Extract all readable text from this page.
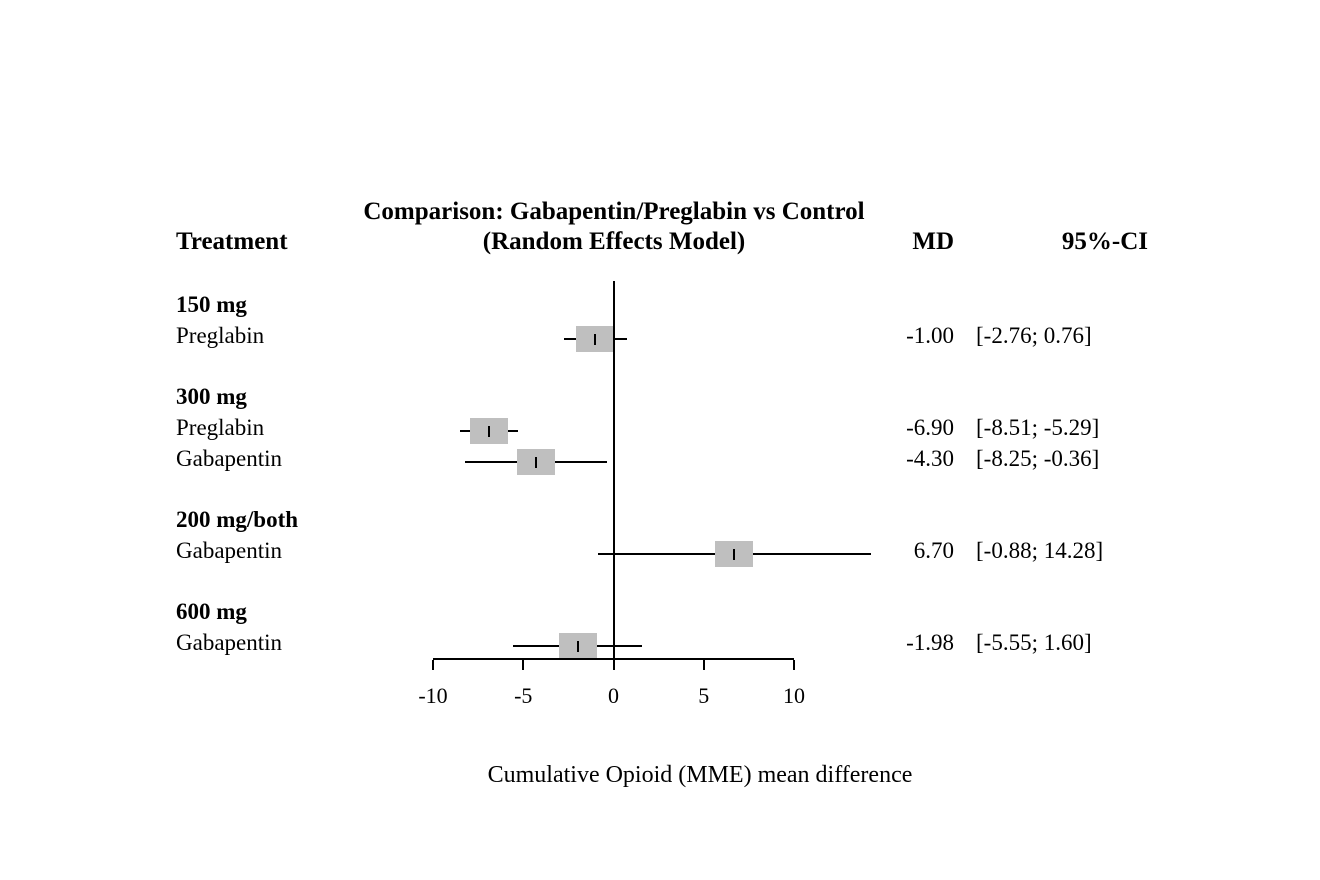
Comparison: Gabapentin/Preglabin vs Control
(Random Effects Model)
Treatment	MD	95%-CI
150 mg
Preglabin	-1.00 [-2.76; 0.76]
300 mg
Preglabin	-6.90 [-8.51; -5.29]
Gabapentin	-4.30 [-8.25; -0.36]
200 mg/both
Gabapentin	6.70 [-0.88; 14.28]
600 mg
Gabapentin	-1.98 [-5.55; 1.60]
-10	-5	0	5	10
Cumulative Opioid (MME) mean difference
